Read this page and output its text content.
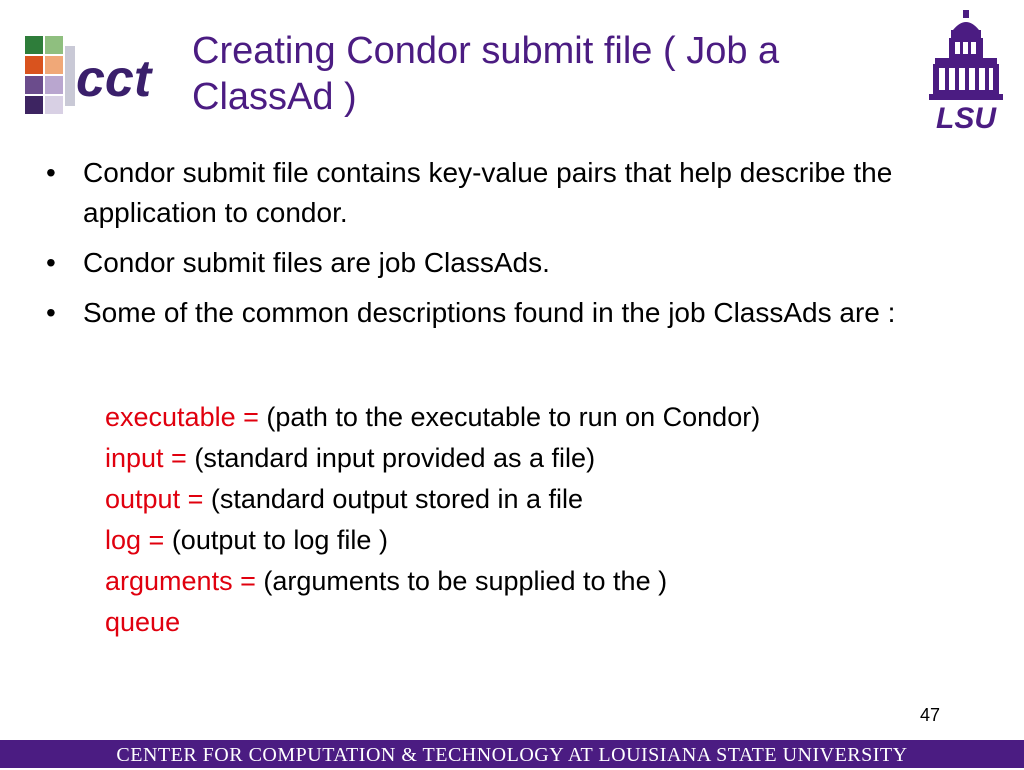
cct Creating Condor submit file ( Job a ClassAd )
LSU
• Condor submit file contains key-value pairs that help describe the application to condor.
• Condor submit files are job ClassAds.
• Some of the common descriptions found in the job ClassAds are :
executable = (path to the executable to run on Condor)
input = (standard input provided as a file)
output = (standard output stored in a file
log = (output to log file )
arguments = (arguments to be supplied to the )
queue
47
CENTER FOR COMPUTATION & TECHNOLOGY AT LOUISIANA STATE UNIVERSITY
